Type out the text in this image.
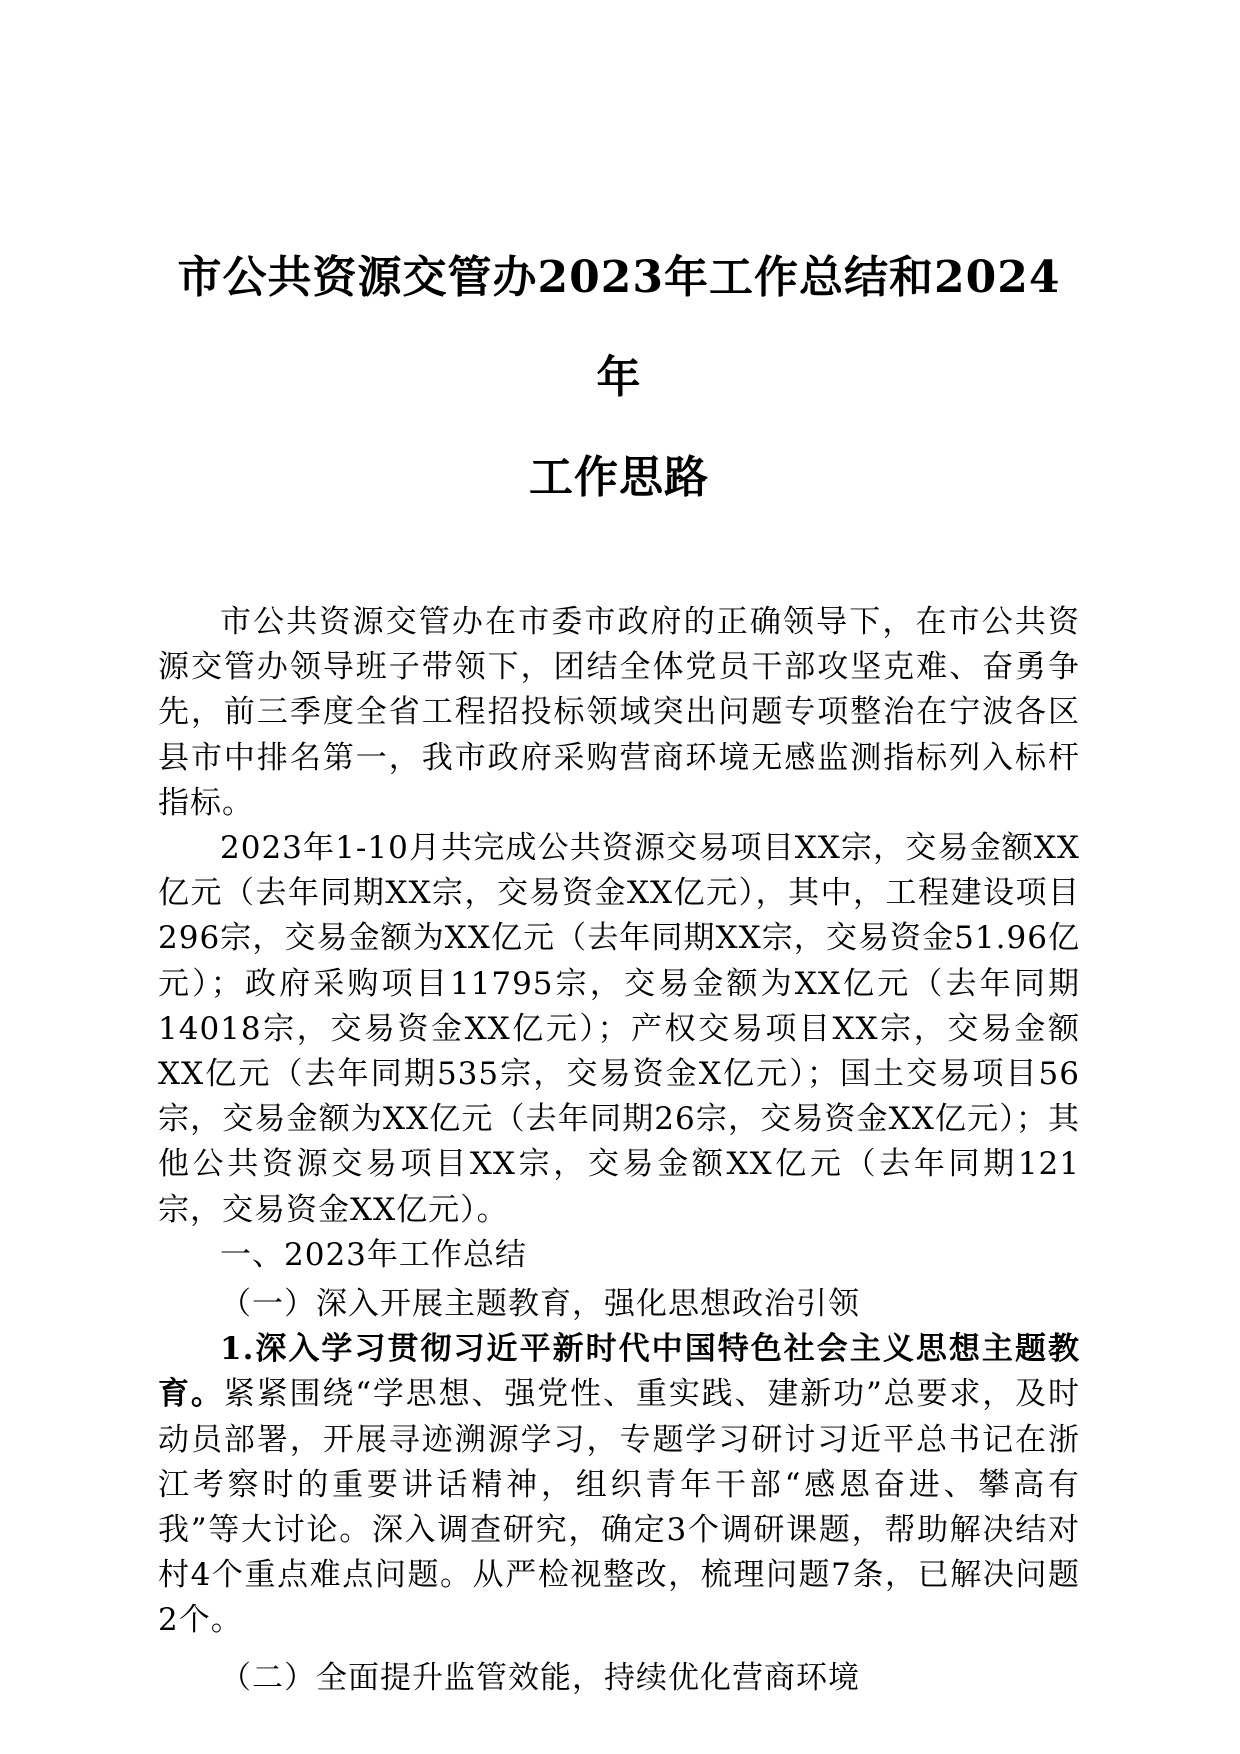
市公共资源交管办2023年工作总结和2024年
工作思路

市公共资源交管办在市委市政府的正确领导下，在市公共资源交管办领导班子带领下，团结全体党员干部攻坚克难、奋勇争先，前三季度全省工程招投标领域突出问题专项整治在宁波各区县市中排名第一，我市政府采购营商环境无感监测指标列入标杆指标。

2023年1-10月共完成公共资源交易项目XX宗，交易金额XX亿元（去年同期XX宗，交易资金XX亿元），其中，工程建设项目296宗，交易金额为XX亿元（去年同期XX宗，交易资金51.96亿元）；政府采购项目11795宗，交易金额为XX亿元（去年同期14018宗，交易资金XX亿元）；产权交易项目XX宗，交易金额XX亿元（去年同期535宗，交易资金X亿元）；国土交易项目56宗，交易金额为XX亿元（去年同期26宗，交易资金XX亿元）；其他公共资源交易项目XX宗，交易金额XX亿元（去年同期121宗，交易资金XX亿元）。

一、2023年工作总结

（一）深入开展主题教育，强化思想政治引领

1.深入学习贯彻习近平新时代中国特色社会主义思想主题教育。紧紧围绕“学思想、强党性、重实践、建新功”总要求，及时动员部署，开展寻迹溯源学习，专题学习研讨习近平总书记在浙江考察时的重要讲话精神，组织青年干部“感恩奋进、攀高有我”等大讨论。深入调查研究，确定3个调研课题，帮助解决结对村4个重点难点问题。从严检视整改，梳理问题7条，已解决问题2个。

（二）全面提升监管效能，持续优化营商环境
